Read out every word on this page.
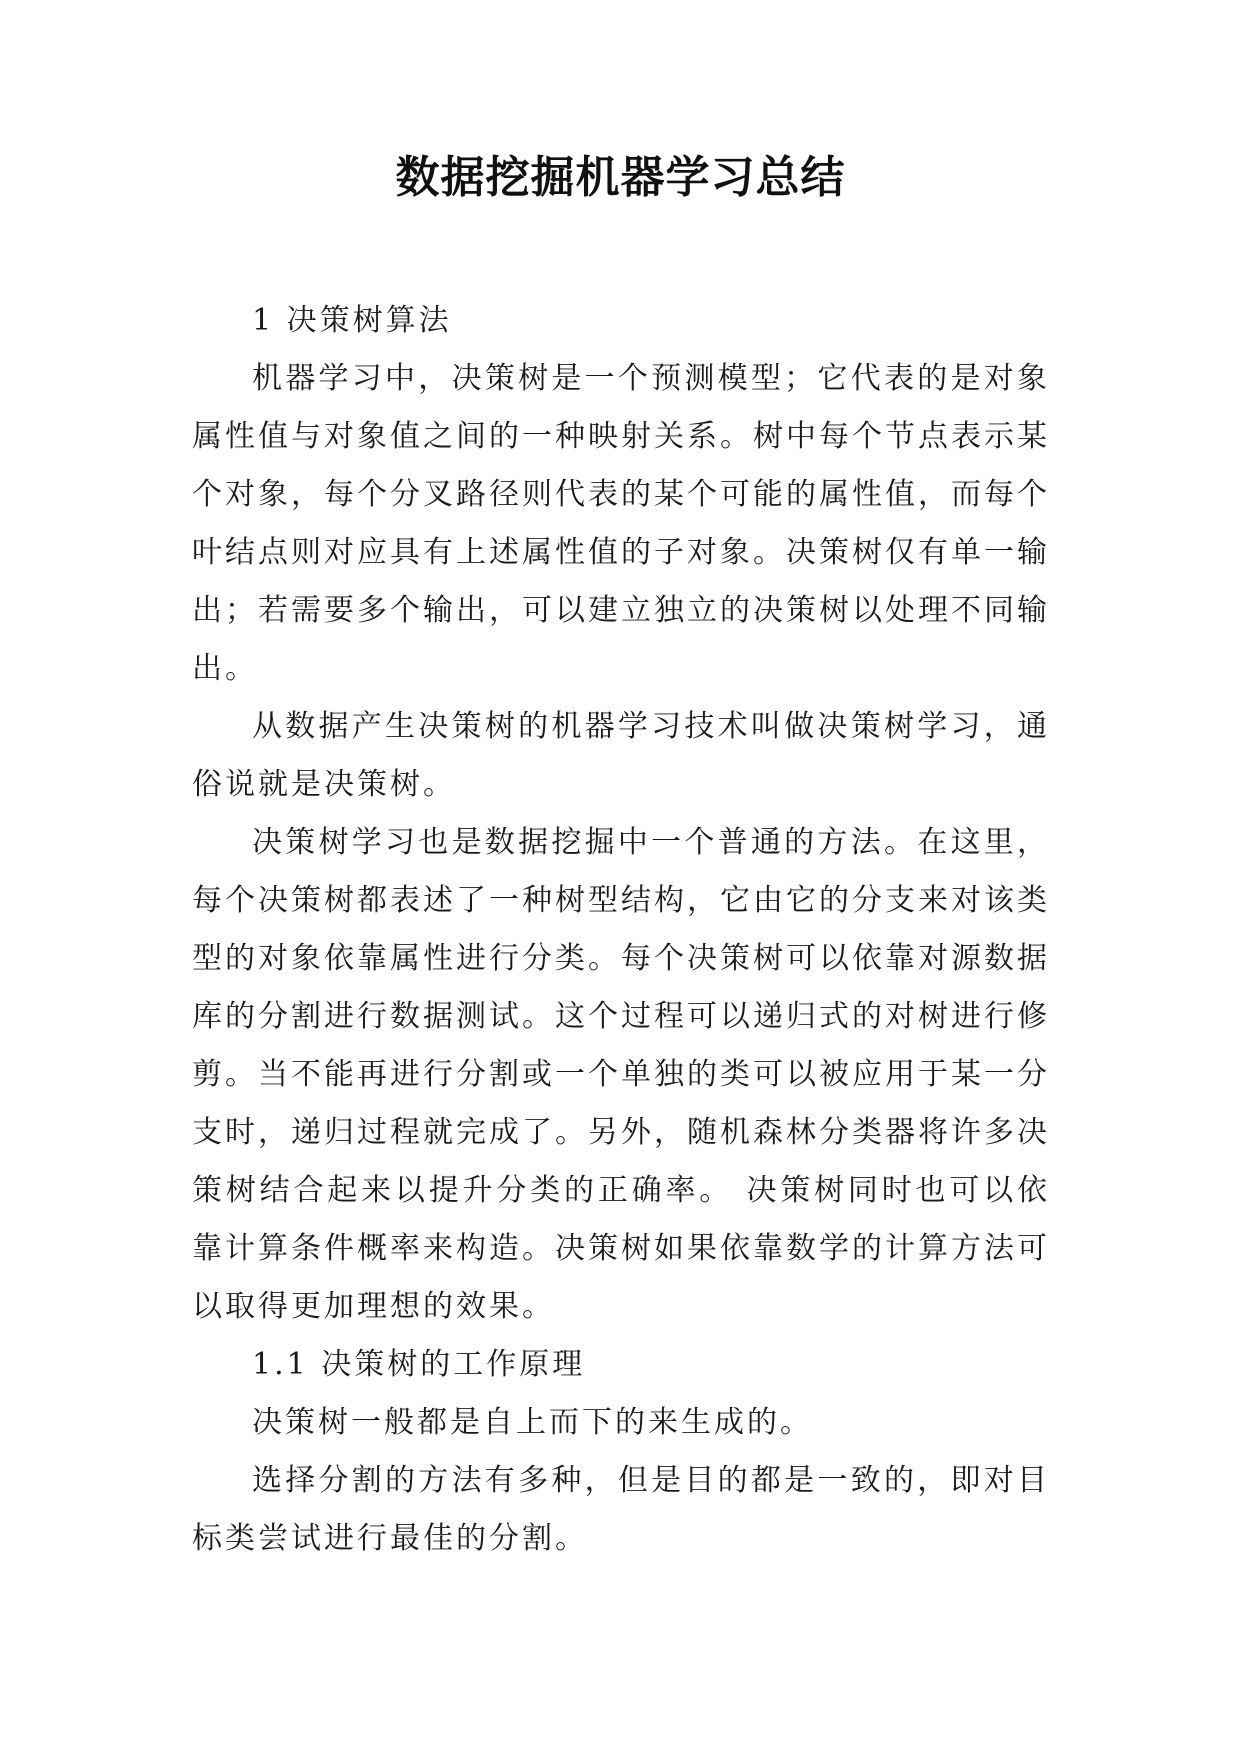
数据挖掘机器学习总结

1 决策树算法

机器学习中，决策树是一个预测模型；它代表的是对象属性值与对象值之间的一种映射关系。树中每个节点表示某个对象，每个分叉路径则代表的某个可能的属性值，而每个叶结点则对应具有上述属性值的子对象。决策树仅有单一输出；若需要多个输出，可以建立独立的决策树以处理不同输出。

从数据产生决策树的机器学习技术叫做决策树学习，通俗说就是决策树。

决策树学习也是数据挖掘中一个普通的方法。在这里，每个决策树都表述了一种树型结构，它由它的分支来对该类型的对象依靠属性进行分类。每个决策树可以依靠对源数据库的分割进行数据测试。这个过程可以递归式的对树进行修剪。当不能再进行分割或一个单独的类可以被应用于某一分支时，递归过程就完成了。另外，随机森林分类器将许多决策树结合起来以提升分类的正确率。 决策树同时也可以依靠计算条件概率来构造。决策树如果依靠数学的计算方法可以取得更加理想的效果。

1.1 决策树的工作原理

决策树一般都是自上而下的来生成的。

选择分割的方法有多种，但是目的都是一致的，即对目标类尝试进行最佳的分割。
